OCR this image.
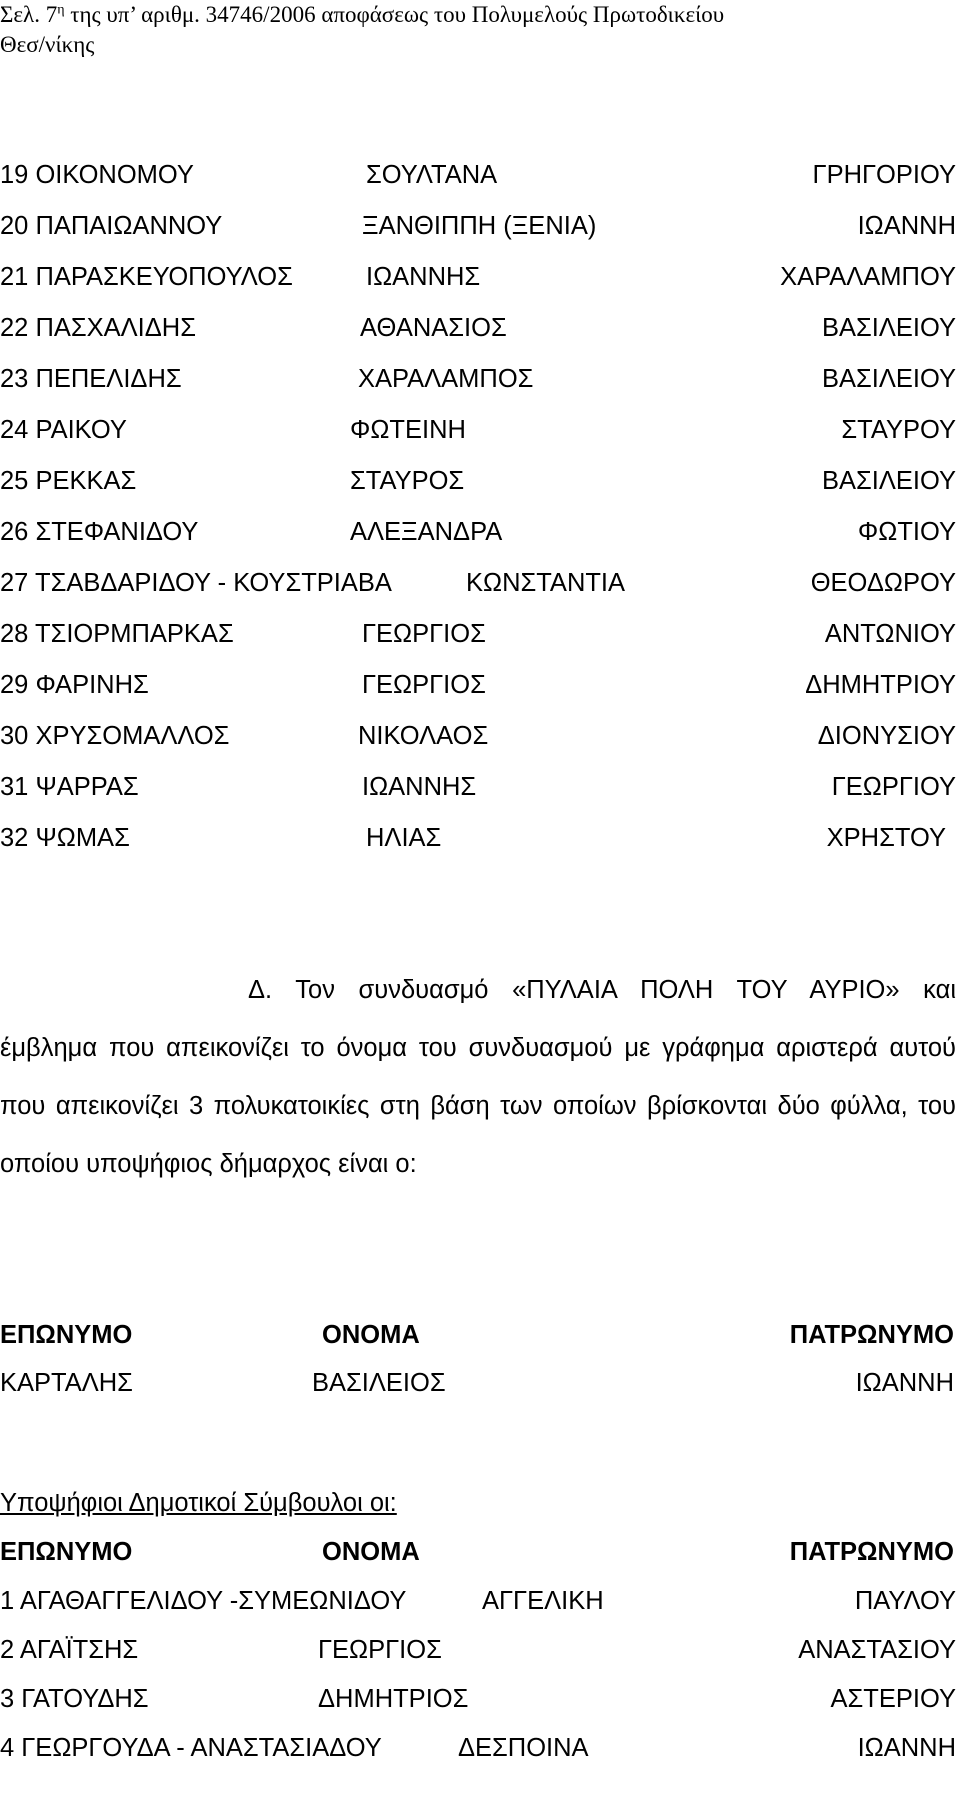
Σελ. $7^\eta$ της υπ’ αριθμ. 34746/2006 αποφάσεως του Πολυμελούς Πρωτοδικείου
Θεσ/νίκης
19 ΟΙΚΟΝΟΜΟΥ	ΣΟΥΛΤΑΝΑ	ΓΡΗΓΟΡΙΟΥ
20 ΠΑΠΑΙΩΑΝΝΟΥ	ΞΑΝΘΙΠΠΗ (ΞΕΝΙΑ)	ΙΩΑΝΝΗ
21 ΠΑΡΑΣΚΕΥΟΠΟΥΛΟΣ	ΙΩΑΝΝΗΣ	ΧΑΡΑΛΑΜΠΟΥ
22 ΠΑΣΧΑΛΙΔΗΣ	ΑΘΑΝΑΣΙΟΣ	ΒΑΣΙΛΕΙΟΥ
23 ΠΕΠΕΛΙΔΗΣ	ΧΑΡΑΛΑΜΠΟΣ	ΒΑΣΙΛΕΙΟΥ
24 ΡΑΙΚΟΥ	ΦΩΤΕΙΝΗ	ΣΤΑΥΡΟΥ
25 ΡΕΚΚΑΣ	ΣΤΑΥΡΟΣ	ΒΑΣΙΛΕΙΟΥ
26 ΣΤΕΦΑΝΙΔΟΥ	ΑΛΕΞΑΝΔΡΑ	ΦΩΤΙΟΥ
27 ΤΣΑΒΔΑΡΙΔΟΥ - ΚΟΥΣΤΡΙΑΒΑ	ΚΩΝΣΤΑΝΤΙΑ	ΘΕΟΔΩΡΟΥ
28 ΤΣΙΟΡΜΠΑΡΚΑΣ	ΓΕΩΡΓΙΟΣ	ΑΝΤΩΝΙΟΥ
29 ΦΑΡΙΝΗΣ	ΓΕΩΡΓΙΟΣ	ΔΗΜΗΤΡΙΟΥ
30 ΧΡΥΣΟΜΑΛΛΟΣ	ΝΙΚΟΛΑΟΣ	ΔΙΟΝΥΣΙΟΥ
31 ΨΑΡΡΑΣ	ΙΩΑΝΝΗΣ	ΓΕΩΡΓΙΟΥ
32 ΨΩΜΑΣ	ΗΛΙΑΣ	ΧΡΗΣΤΟΥ
Δ. Τον συνδυασμό «ΠΥΛΑΙΑ ΠΟΛΗ ΤΟΥ ΑΥΡΙΟ» και
έμβλημα που απεικονίζει το όνομα του συνδυασμού με γράφημα αριστερά αυτού που απεικονίζει 3 πολυκατοικίες στη βάση των οποίων βρίσκονται δύο φύλλα, του οποίου υποψήφιος δήμαρχος είναι ο:
ΕΠΩΝΥΜΟ	ΟΝΟΜΑ	ΠΑΤΡΩΝΥΜΟ
ΚΑΡΤΑΛΗΣ	ΒΑΣΙΛΕΙΟΣ	ΙΩΑΝΝΗ
Υποψήφιοι Δημοτικοί Σύμβουλοι οι:
ΕΠΩΝΥΜΟ	ΟΝΟΜΑ	ΠΑΤΡΩΝΥΜΟ
1 ΑΓΑΘΑΓΓΕΛΙΔΟΥ -ΣΥΜΕΩΝΙΔΟΥ	ΑΓΓΕΛΙΚΗ	ΠΑΥΛΟΥ
2 ΑΓΑΪΤΣΗΣ	ΓΕΩΡΓΙΟΣ	ΑΝΑΣΤΑΣΙΟΥ
3 ΓΑΤΟΥΔΗΣ	ΔΗΜΗΤΡΙΟΣ	ΑΣΤΕΡΙΟΥ
4 ΓΕΩΡΓΟΥΔΑ - ΑΝΑΣΤΑΣΙΑΔΟΥ	ΔΕΣΠΟΙΝΑ	ΙΩΑΝΝΗ
